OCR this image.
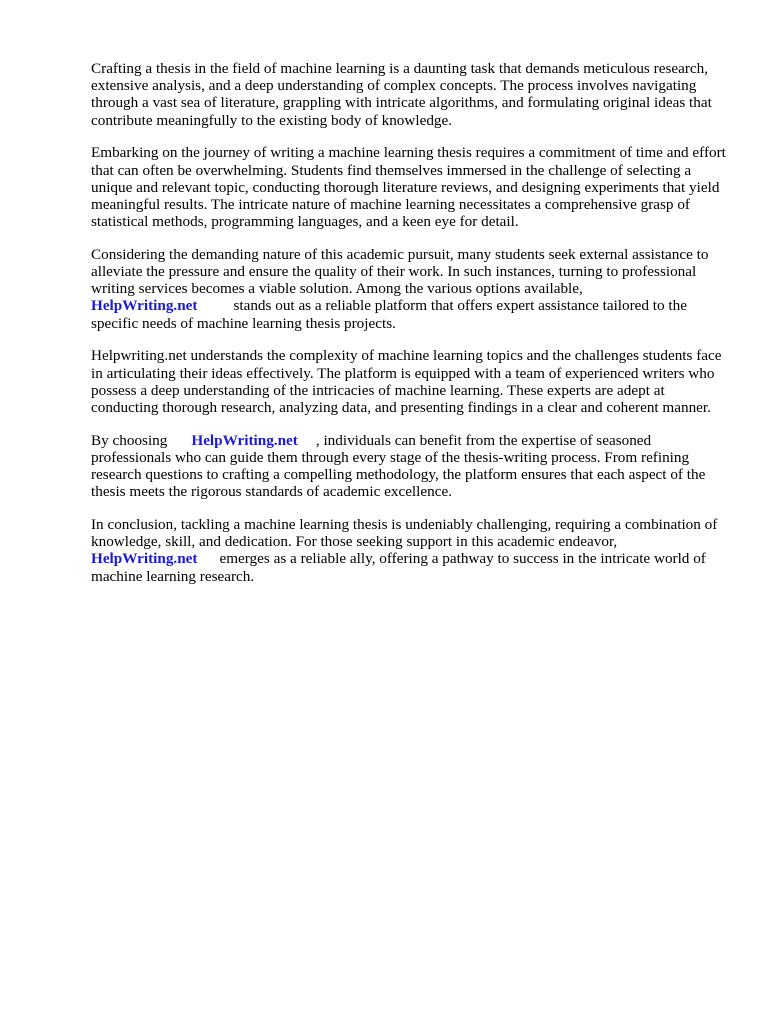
Crafting a thesis in the field of machine learning is a daunting task that demands meticulous research, extensive analysis, and a deep understanding of complex concepts. The process involves navigating through a vast sea of literature, grappling with intricate algorithms, and formulating original ideas that contribute meaningfully to the existing body of knowledge.

Embarking on the journey of writing a machine learning thesis requires a commitment of time and effort that can often be overwhelming. Students find themselves immersed in the challenge of selecting a unique and relevant topic, conducting thorough literature reviews, and designing experiments that yield meaningful results. The intricate nature of machine learning necessitates a comprehensive grasp of statistical methods, programming languages, and a keen eye for detail.

Considering the demanding nature of this academic pursuit, many students seek external assistance to alleviate the pressure and ensure the quality of their work. In such instances, turning to professional writing services becomes a viable solution. Among the various options available,
HelpWriting.net stands out as a reliable platform that offers expert assistance tailored to the specific needs of machine learning thesis projects.

Helpwriting.net understands the complexity of machine learning topics and the challenges students face in articulating their ideas effectively. The platform is equipped with a team of experienced writers who possess a deep understanding of the intricacies of machine learning. These experts are adept at conducting thorough research, analyzing data, and presenting findings in a clear and coherent manner.

By choosing HelpWriting.net , individuals can benefit from the expertise of seasoned professionals who can guide them through every stage of the thesis-writing process. From refining research questions to crafting a compelling methodology, the platform ensures that each aspect of the thesis meets the rigorous standards of academic excellence.

In conclusion, tackling a machine learning thesis is undeniably challenging, requiring a combination of knowledge, skill, and dedication. For those seeking support in this academic endeavor,
HelpWriting.net emerges as a reliable ally, offering a pathway to success in the intricate world of machine learning research.
